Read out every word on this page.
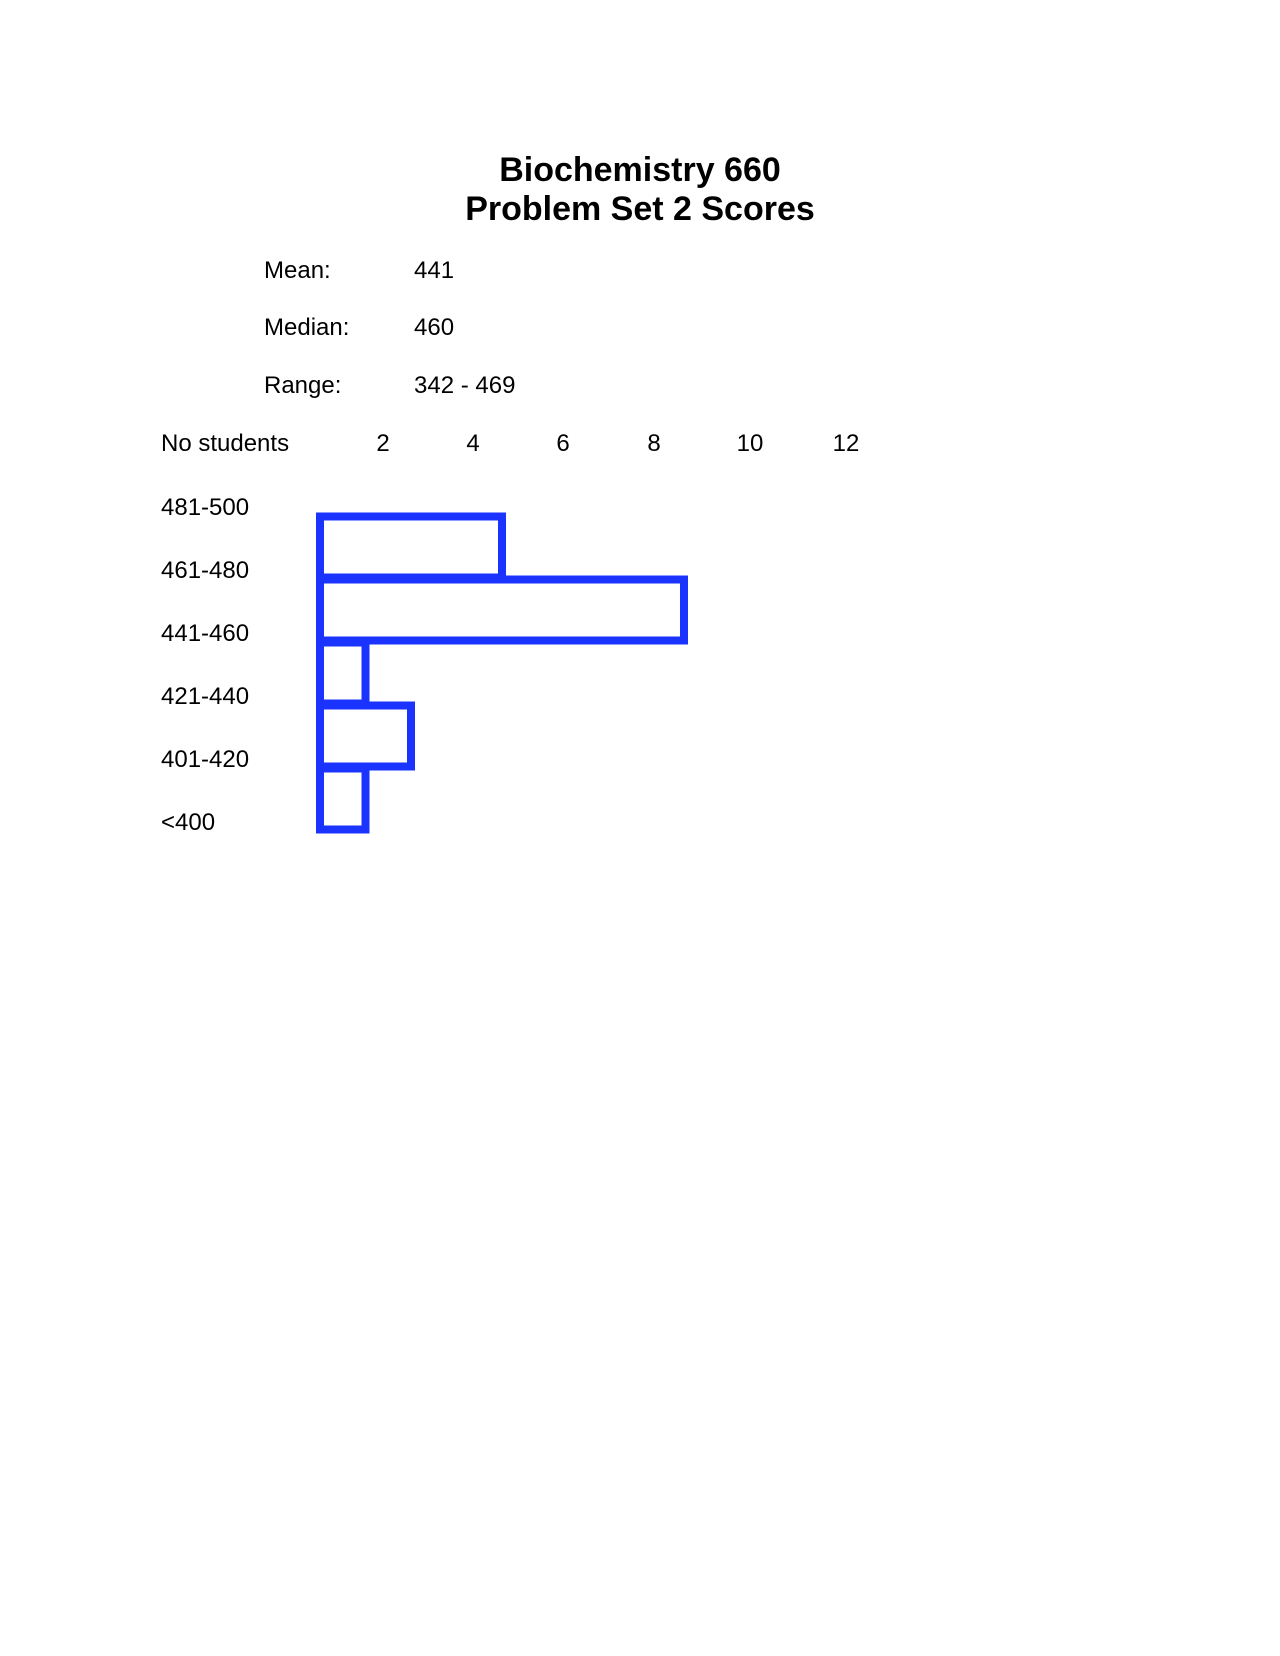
Biochemistry 660
Problem Set 2 Scores
Mean:	441
Median:	460
Range:	342 - 469
No students	2	4	6	8	10	12
481-500
461-480
441-460
421-440
401-420
<400
